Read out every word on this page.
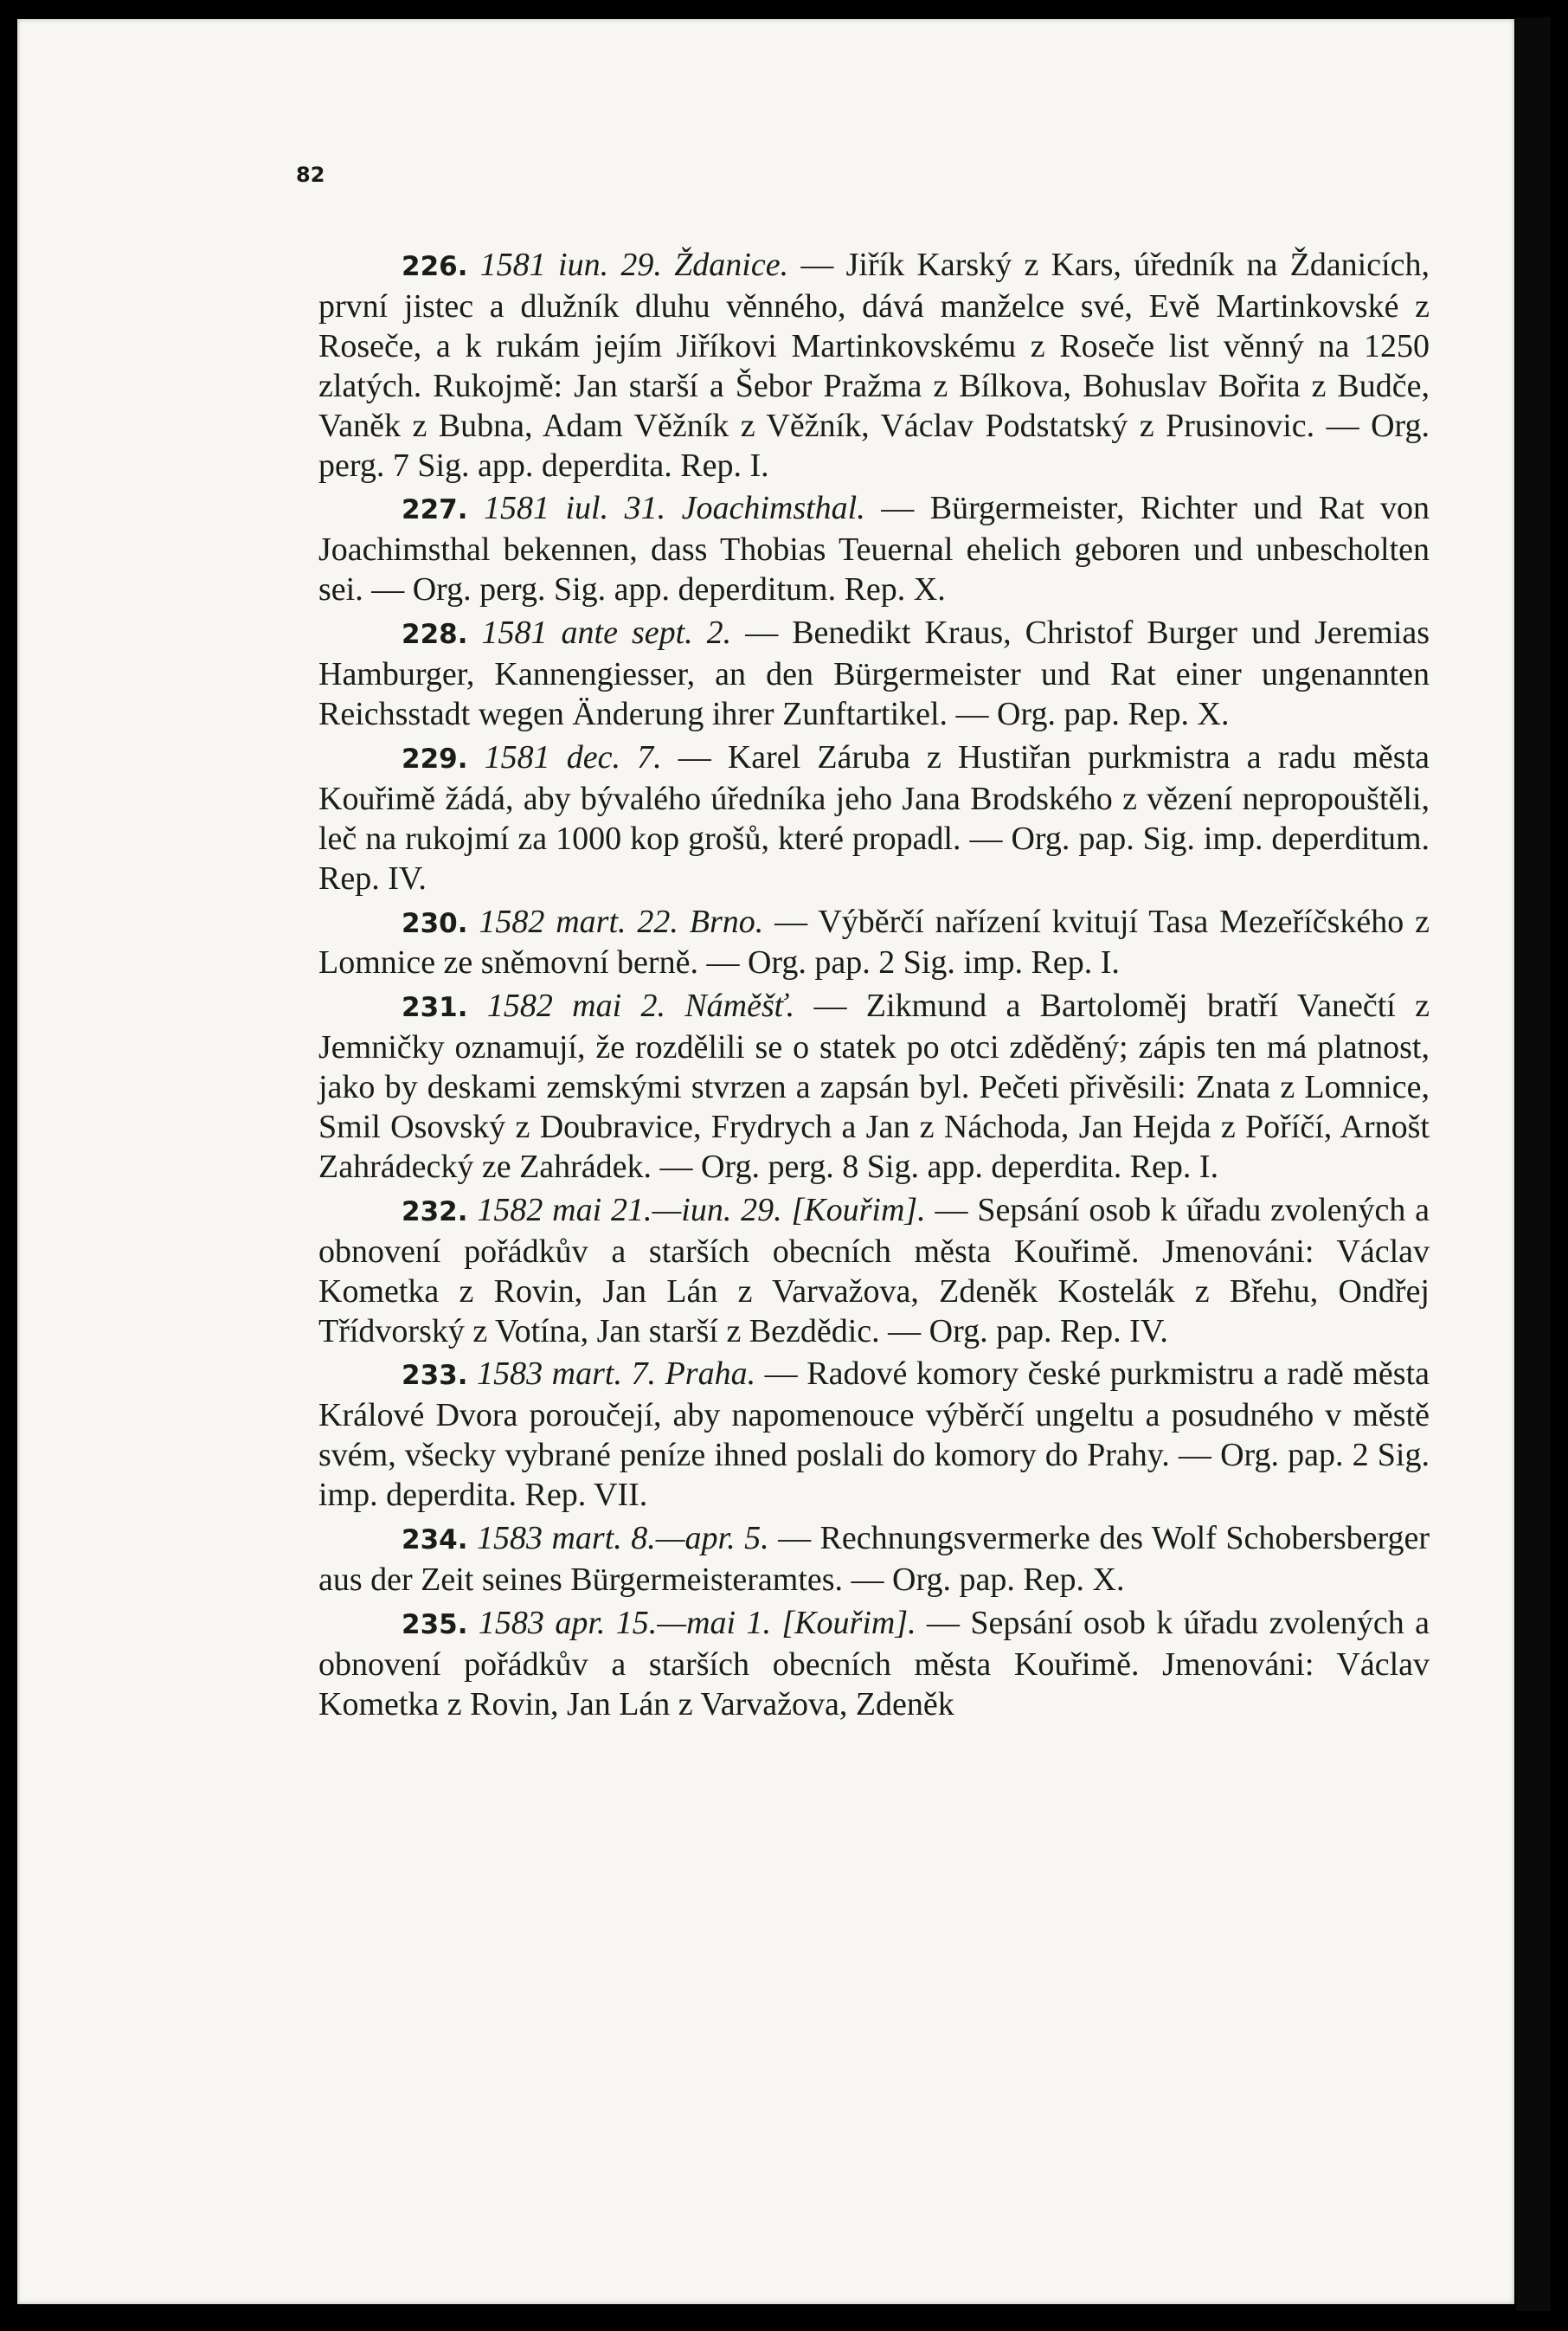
82

226. 1581 iun. 29. Ždanice. — Jiřík Karský z Kars, úředník na Ždanicích, první jistec a dlužník dluhu věnného, dává manželce své, Evě Martinkovské z Roseče, a k rukám jejím Jiříkovi Martinkovskému z Roseče list věnný na 1250 zlatých. Rukojmě: Jan starší a Šebor Pražma z Bílkova, Bohuslav Bořita z Budče, Vaněk z Bubna, Adam Věžník z Věžník, Václav Podstatský z Prusinovic. — Org. perg. 7 Sig. app. deperdita. Rep. I.

227. 1581 iul. 31. Joachimsthal. — Bürgermeister, Richter und Rat von Joachimsthal bekennen, dass Thobias Teuernal ehelich geboren und unbescholten sei. — Org. perg. Sig. app. deperditum. Rep. X.

228. 1581 ante sept. 2. — Benedikt Kraus, Christof Burger und Jeremias Hamburger, Kannengiesser, an den Bürgermeister und Rat einer ungenannten Reichsstadt wegen Änderung ihrer Zunftartikel. — Org. pap. Rep. X.

229. 1581 dec. 7. — Karel Záruba z Hustiřan purkmistra a radu města Kouřimě žádá, aby bývalého úředníka jeho Jana Brodského z vězení nepropouštěli, leč na rukojmí za 1000 kop grošů, které propadl. — Org. pap. Sig. imp. deperditum. Rep. IV.

230. 1582 mart. 22. Brno. — Výběrčí nařízení kvitují Tasa Mezeříčského z Lomnice ze sněmovní berně. — Org. pap. 2 Sig. imp. Rep. I.

231. 1582 mai 2. Náměšť. — Zikmund a Bartoloměj bratří Vanečtí z Jemničky oznamují, že rozdělili se o statek po otci zděděný; zápis ten má platnost, jako by deskami zemskými stvrzen a zapsán byl. Pečeti přivěsili: Znata z Lomnice, Smil Osovský z Doubravice, Frydrych a Jan z Náchoda, Jan Hejda z Poříčí, Arnošt Zahrádecký ze Zahrádek. — Org. perg. 8 Sig. app. deperdita. Rep. I.

232. 1582 mai 21.—iun. 29. [Kouřim]. — Sepsání osob k úřadu zvolených a obnovení pořádkův a starších obecních města Kouřimě. Jmenováni: Václav Kometka z Rovin, Jan Lán z Varvažova, Zdeněk Kostelák z Břehu, Ondřej Třídvorský z Votína, Jan starší z Bezdědic. — Org. pap. Rep. IV.

233. 1583 mart. 7. Praha. — Radové komory české purkmistru a radě města Králové Dvora poroučejí, aby napomenouce výběrčí ungeltu a posudného v městě svém, všecky vybrané peníze ihned poslali do komory do Prahy. — Org. pap. 2 Sig. imp. deperdita. Rep. VII.

234. 1583 mart. 8.—apr. 5. — Rechnungsvermerke des Wolf Schobersberger aus der Zeit seines Bürgermeisteramtes. — Org. pap. Rep. X.

235. 1583 apr. 15.—mai 1. [Kouřim]. — Sepsání osob k úřadu zvolených a obnovení pořádkův a starších obecních města Kouřimě. Jmenováni: Václav Kometka z Rovin, Jan Lán z Varvažova, Zdeněk
